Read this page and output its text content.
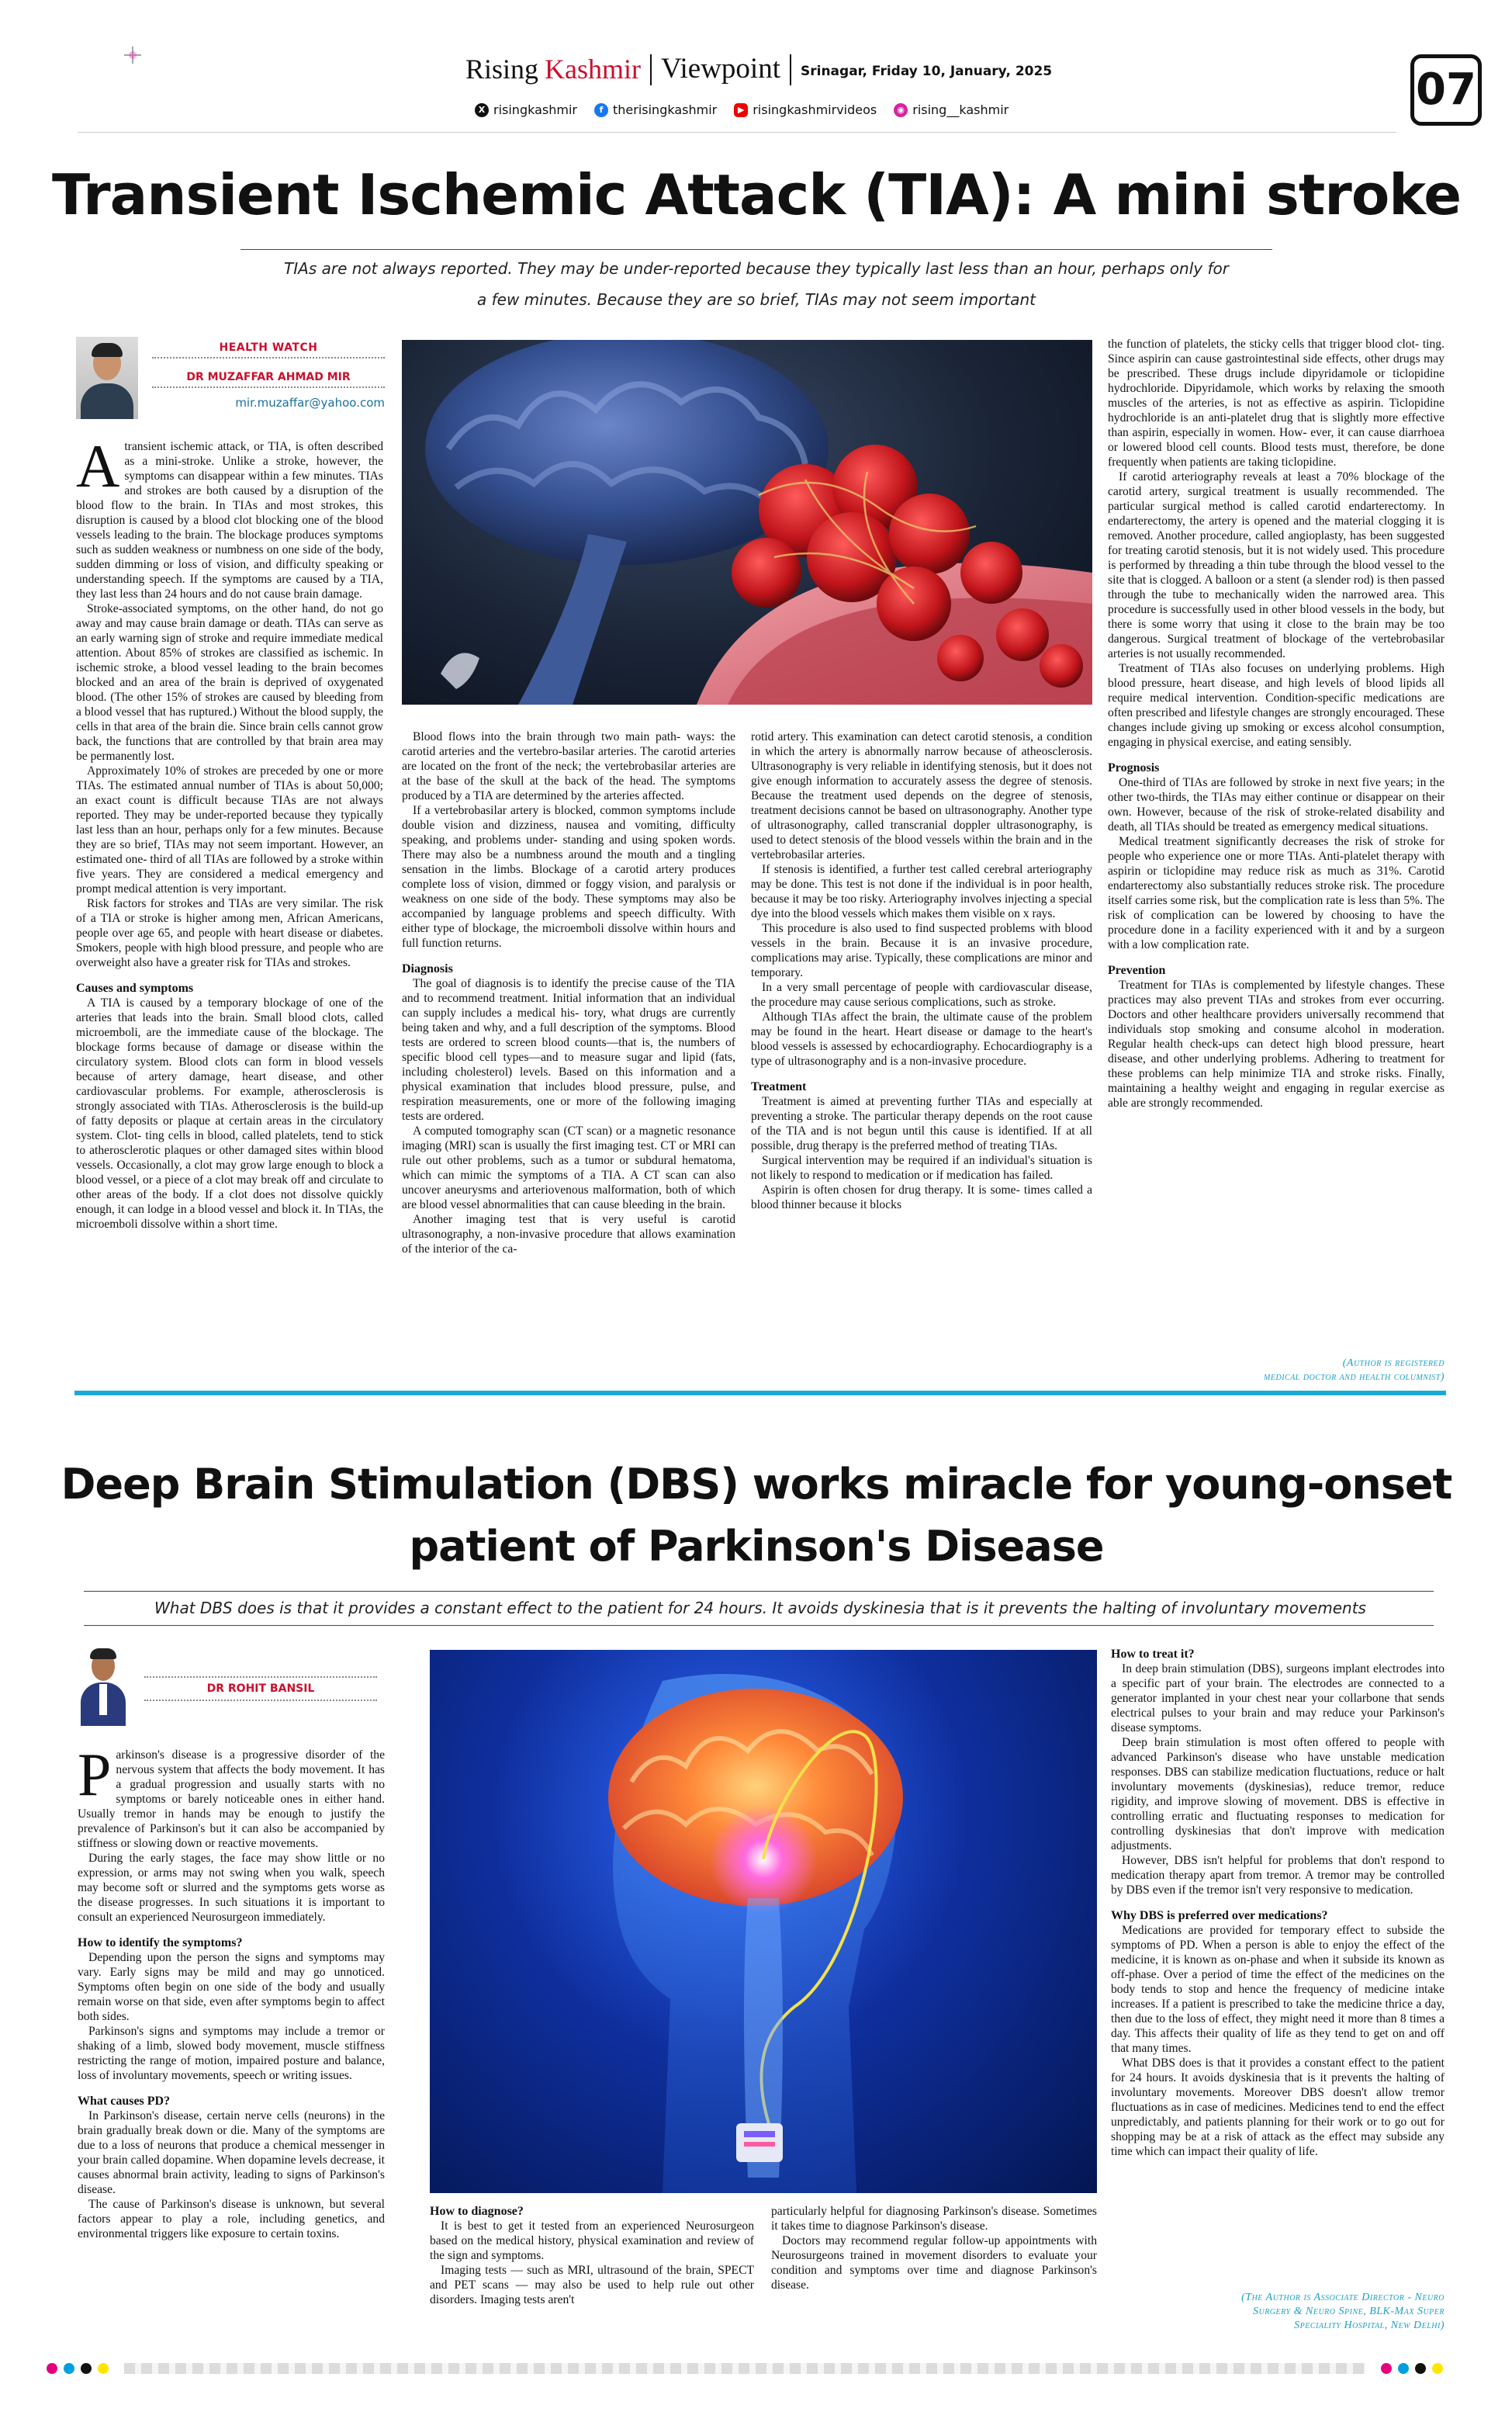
Rising Kashmir Viewpoint Srinagar, Friday 10, January, 2025	07
X risingkashmir	f therisingkashmir	▶ risingkashmirvideos	◉ rising__kashmir
Transient Ischemic Attack (TIA): A mini stroke
TIAs are not always reported. They may be under-reported because they typically last less than an hour, perhaps only for
a few minutes. Because they are so brief, TIAs may not seem important
HEALTH WATCH
DR MUZAFFAR AHMAD MIR
mir.muzaffar@yahoo.com

A transient ischemic attack, or TIA, is often described as a mini-stroke. Unlike a stroke, however, the symptoms can disappear within a few minutes. TIAs and strokes are both caused by a disruption of the blood flow to the brain. In TIAs and most strokes, this disruption is caused by a blood clot blocking one of the blood vessels leading to the brain. The blockage produces symptoms such as sudden weakness or numbness on one side of the body, sudden dimming or loss of vision, and difficulty speaking or understanding speech. If the symptoms are caused by a TIA, they last less than 24 hours and do not cause brain damage.

Stroke-associated symptoms, on the other hand, do not go away and may cause brain damage or death. TIAs can serve as an early warning sign of stroke and require immediate medical attention. About 85% of strokes are classified as ischemic. In ischemic stroke, a blood vessel leading to the brain becomes blocked and an area of the brain is deprived of oxygenated blood. (The other 15% of strokes are caused by bleeding from a blood vessel that has ruptured.) Without the blood supply, the cells in that area of the brain die. Since brain cells cannot grow back, the functions that are controlled by that brain area may be permanently lost.

Approximately 10% of strokes are preceded by one or more TIAs. The estimated annual number of TIAs is about 50,000; an exact count is difficult because TIAs are not always reported. They may be under-reported because they typically last less than an hour, perhaps only for a few minutes. Because they are so brief, TIAs may not seem important. However, an estimated one- third of all TIAs are followed by a stroke within five years. They are considered a medical emergency and prompt medical attention is very important.

Risk factors for strokes and TIAs are very similar. The risk of a TIA or stroke is higher among men, African Americans, people over age 65, and people with heart disease or diabetes. Smokers, people with high blood pressure, and people who are overweight also have a greater risk for TIAs and strokes.

Causes and symptoms

A TIA is caused by a temporary blockage of one of the arteries that leads into the brain. Small blood clots, called microemboli, are the immediate cause of the blockage. The blockage forms because of damage or disease within the circulatory system. Blood clots can form in blood vessels because of artery damage, heart disease, and other cardiovascular problems. For example, atherosclerosis is strongly associated with TIAs. Atherosclerosis is the build-up of fatty deposits or plaque at certain areas in the circulatory system. Clot- ting cells in blood, called platelets, tend to stick to atherosclerotic plaques or other damaged sites within blood vessels. Occasionally, a clot may grow large enough to block a blood vessel, or a piece of a clot may break off and circulate to other areas of the body. If a clot does not dissolve quickly enough, it can lodge in a blood vessel and block it. In TIAs, the microemboli dissolve within a short time.

Blood flows into the brain through two main path- ways: the carotid arteries and the vertebro-basilar arteries. The carotid arteries are located on the front of the neck; the vertebrobasilar arteries are at the base of the skull at the back of the head. The symptoms produced by a TIA are determined by the arteries affected.

If a vertebrobasilar artery is blocked, common symptoms include double vision and dizziness, nausea and vomiting, difficulty speaking, and problems under- standing and using spoken words. There may also be a numbness around the mouth and a tingling sensation in the limbs. Blockage of a carotid artery produces complete loss of vision, dimmed or foggy vision, and paralysis or weakness on one side of the body. These symptoms may also be accompanied by language problems and speech difficulty. With either type of blockage, the microemboli dissolve within hours and full function returns.

Diagnosis

The goal of diagnosis is to identify the precise cause of the TIA and to recommend treatment. Initial information that an individual can supply includes a medical his- tory, what drugs are currently being taken and why, and a full description of the symptoms. Blood tests are ordered to screen blood counts—that is, the numbers of specific blood cell types—and to measure sugar and lipid (fats, including cholesterol) levels. Based on this information and a physical examination that includes blood pressure, pulse, and respiration measurements, one or more of the following imaging tests are ordered.

A computed tomography scan (CT scan) or a magnetic resonance imaging (MRI) scan is usually the first imaging test. CT or MRI can rule out other problems, such as a tumor or subdural hematoma, which can mimic the symptoms of a TIA. A CT scan can also uncover aneurysms and arteriovenous malformation, both of which are blood vessel abnormalities that can cause bleeding in the brain.

Another imaging test that is very useful is carotid ultrasonography, a non-invasive procedure that allows examination of the interior of the ca-

rotid artery. This examination can detect carotid stenosis, a condition in which the artery is abnormally narrow because of atheosclerosis. Ultrasonography is very reliable in identifying stenosis, but it does not give enough information to accurately assess the degree of stenosis. Because the treatment used depends on the degree of stenosis, treatment decisions cannot be based on ultrasonography. Another type of ultrasonography, called transcranial doppler ultrasonography, is used to detect stenosis of the blood vessels within the brain and in the vertebrobasilar arteries.

If stenosis is identified, a further test called cerebral arteriography may be done. This test is not done if the individual is in poor health, because it may be too risky. Arteriography involves injecting a special dye into the blood vessels which makes them visible on x rays.

This procedure is also used to find suspected problems with blood vessels in the brain. Because it is an invasive procedure, complications may arise. Typically, these complications are minor and temporary.

In a very small percentage of people with cardiovascular disease, the procedure may cause serious complications, such as stroke.

Although TIAs affect the brain, the ultimate cause of the problem may be found in the heart. Heart disease or damage to the heart's blood vessels is assessed by echocardiography. Echocardiography is a type of ultrasonography and is a non-invasive procedure.

Treatment

Treatment is aimed at preventing further TIAs and especially at preventing a stroke. The particular therapy depends on the root cause of the TIA and is not begun until this cause is identified. If at all possible, drug therapy is the preferred method of treating TIAs.

Surgical intervention may be required if an individual's situation is not likely to respond to medication or if medication has failed.

Aspirin is often chosen for drug therapy. It is some- times called a blood thinner because it blocks

the function of platelets, the sticky cells that trigger blood clot- ting. Since aspirin can cause gastrointestinal side effects, other drugs may be prescribed. These drugs include dipyridamole or ticlopidine hydrochloride. Dipyridamole, which works by relaxing the smooth muscles of the arteries, is not as effective as aspirin. Ticlopidine hydrochloride is an anti-platelet drug that is slightly more effective than aspirin, especially in women. How- ever, it can cause diarrhoea or lowered blood cell counts. Blood tests must, therefore, be done frequently when patients are taking ticlopidine.

If carotid arteriography reveals at least a 70% blockage of the carotid artery, surgical treatment is usually recommended. The particular surgical method is called carotid endarterectomy. In endarterectomy, the artery is opened and the material clogging it is removed. Another procedure, called angioplasty, has been suggested for treating carotid stenosis, but it is not widely used. This procedure is performed by threading a thin tube through the blood vessel to the site that is clogged. A balloon or a stent (a slender rod) is then passed through the tube to mechanically widen the narrowed area. This procedure is successfully used in other blood vessels in the body, but there is some worry that using it close to the brain may be too dangerous. Surgical treatment of blockage of the vertebrobasilar arteries is not usually recommended.

Treatment of TIAs also focuses on underlying problems. High blood pressure, heart disease, and high levels of blood lipids all require medical intervention. Condition-specific medications are often prescribed and lifestyle changes are strongly encouraged. These changes include giving up smoking or excess alcohol consumption, engaging in physical exercise, and eating sensibly.

Prognosis

One-third of TIAs are followed by stroke in next five years; in the other two-thirds, the TIAs may either continue or disappear on their own. However, because of the risk of stroke-related disability and death, all TIAs should be treated as emergency medical situations.

Medical treatment significantly decreases the risk of stroke for people who experience one or more TIAs. Anti-platelet therapy with aspirin or ticlopidine may reduce risk as much as 31%. Carotid endarterectomy also substantially reduces stroke risk. The procedure itself carries some risk, but the complication rate is less than 5%. The risk of complication can be lowered by choosing to have the procedure done in a facility experienced with it and by a surgeon with a low complication rate.

Prevention

Treatment for TIAs is complemented by lifestyle changes. These practices may also prevent TIAs and strokes from ever occurring. Doctors and other healthcare providers universally recommend that individuals stop smoking and consume alcohol in moderation. Regular health check-ups can detect high blood pressure, heart disease, and other underlying problems. Adhering to treatment for these problems can help minimize TIA and stroke risks. Finally, maintaining a healthy weight and engaging in regular exercise as able are strongly recommended.

(Author is registered
medical doctor and health columnist)
Deep Brain Stimulation (DBS) works miracle for young-onset
patient of Parkinson's Disease
What DBS does is that it provides a constant effect to the patient for 24 hours. It avoids dyskinesia that is it prevents the halting of involuntary movements
DR ROHIT BANSIL

Parkinson's disease is a progressive disorder of the nervous system that affects the body movement. It has a gradual progression and usually starts with no symptoms or barely noticeable ones in either hand. Usually tremor in hands may be enough to justify the prevalence of Parkinson's but it can also be accompanied by stiffness or slowing down or reactive movements.

During the early stages, the face may show little or no expression, or arms may not swing when you walk, speech may become soft or slurred and the symptoms gets worse as the disease progresses. In such situations it is important to consult an experienced Neurosurgeon immediately.

How to identify the symptoms?

Depending upon the person the signs and symptoms may vary. Early signs may be mild and may go unnoticed. Symptoms often begin on one side of the body and usually remain worse on that side, even after symptoms begin to affect both sides.

Parkinson's signs and symptoms may include a tremor or shaking of a limb, slowed body movement, muscle stiffness restricting the range of motion, impaired posture and balance, loss of involuntary movements, speech or writing issues.

What causes PD?

In Parkinson's disease, certain nerve cells (neurons) in the brain gradually break down or die. Many of the symptoms are due to a loss of neurons that produce a chemical messenger in your brain called dopamine. When dopamine levels decrease, it causes abnormal brain activity, leading to signs of Parkinson's disease.

The cause of Parkinson's disease is unknown, but several factors appear to play a role, including genetics, and environmental triggers like exposure to certain toxins.

How to diagnose?

It is best to get it tested from an experienced Neurosurgeon based on the medical history, physical examination and review of the sign and symptoms.

Imaging tests — such as MRI, ultrasound of the brain, SPECT and PET scans — may also be used to help rule out other disorders. Imaging tests aren't

particularly helpful for diagnosing Parkinson's disease. Sometimes it takes time to diagnose Parkinson's disease.

Doctors may recommend regular follow-up appointments with Neurosurgeons trained in movement disorders to evaluate your condition and symptoms over time and diagnose Parkinson's disease.

How to treat it?

In deep brain stimulation (DBS), surgeons implant electrodes into a specific part of your brain. The electrodes are connected to a generator implanted in your chest near your collarbone that sends electrical pulses to your brain and may reduce your Parkinson's disease symptoms.

Deep brain stimulation is most often offered to people with advanced Parkinson's disease who have unstable medication responses. DBS can stabilize medication fluctuations, reduce or halt involuntary movements (dyskinesias), reduce tremor, reduce rigidity, and improve slowing of movement. DBS is effective in controlling erratic and fluctuating responses to medication for controlling dyskinesias that don't improve with medication adjustments.

However, DBS isn't helpful for problems that don't respond to medication therapy apart from tremor. A tremor may be controlled by DBS even if the tremor isn't very responsive to medication.

Why DBS is preferred over medications?

Medications are provided for temporary effect to subside the symptoms of PD. When a person is able to enjoy the effect of the medicine, it is known as on-phase and when it subside its known as off-phase. Over a period of time the effect of the medicines on the body tends to stop and hence the frequency of medicine intake increases. If a patient is prescribed to take the medicine thrice a day, then due to the loss of effect, they might need it more than 8 times a day. This affects their quality of life as they tend to get on and off that many times.

What DBS does is that it provides a constant effect to the patient for 24 hours. It avoids dyskinesia that is it prevents the halting of involuntary movements. Moreover DBS doesn't allow tremor fluctuations as in case of medicines. Medicines tend to end the effect unpredictably, and patients planning for their work or to go out for shopping may be at a risk of attack as the effect may subside any time which can impact their quality of life.

(The Author is Associate Director - Neuro
Surgery & Neuro Spine, BLK-Max Super
Speciality Hospital, New Delhi)
